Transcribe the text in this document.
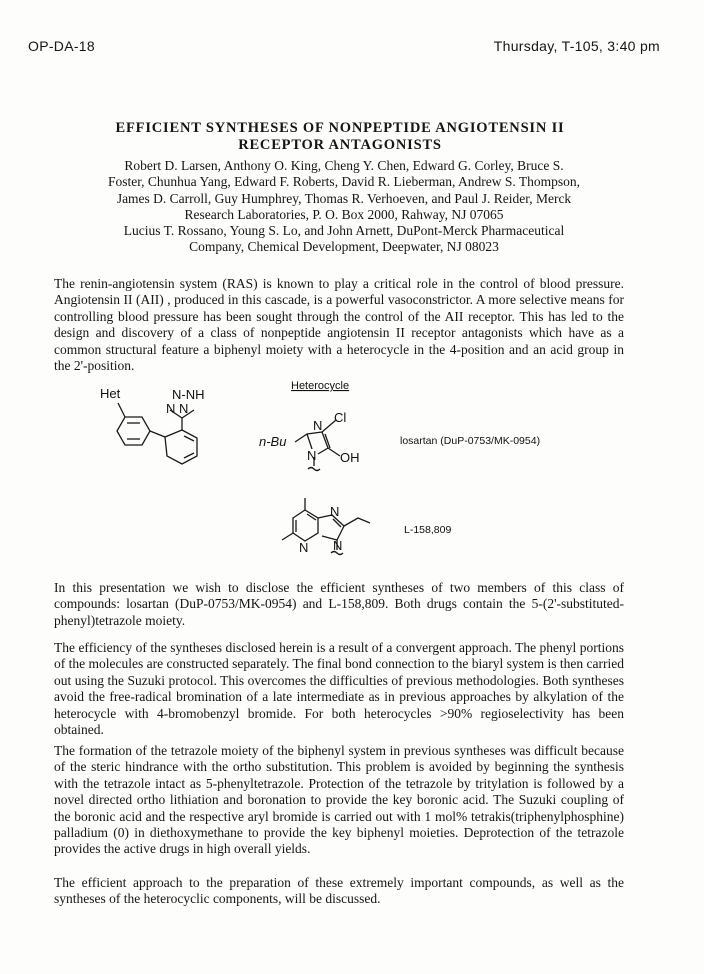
OP-DA-18	Thursday, T-105, 3:40 pm
EFFICIENT SYNTHESES OF NONPEPTIDE ANGIOTENSIN II
RECEPTOR ANTAGONISTS
Robert D. Larsen, Anthony O. King, Cheng Y. Chen, Edward G. Corley, Bruce S.
Foster, Chunhua Yang, Edward F. Roberts, David R. Lieberman, Andrew S. Thompson,
James D. Carroll, Guy Humphrey, Thomas R. Verhoeven, and Paul J. Reider, Merck
Research Laboratories, P. O. Box 2000, Rahway, NJ 07065
Lucius T. Rossano, Young S. Lo, and John Arnett, DuPont-Merck Pharmaceutical
Company, Chemical Development, Deepwater, NJ 08023

The renin-angiotensin system (RAS) is known to play a critical role in the control of blood pressure. Angiotensin II (AII) , produced in this cascade, is a powerful vasoconstrictor. A more selective means for controlling blood pressure has been sought through the control of the AII receptor. This has led to the design and discovery of a class of nonpeptide angiotensin II receptor antagonists which have as a common structural feature a biphenyl moiety with a heterocycle in the 4-position and an acid group in the 2'-position.

Het	N-NH
N N
Heterocycle
n-Bu
N
Cl
OH
N
losartan (DuP-0753/MK-0954)
N
N N
L-158,809

In this presentation we wish to disclose the efficient syntheses of two members of this class of compounds: losartan (DuP-0753/MK-0954) and L-158,809. Both drugs contain the 5-(2'-substituted-phenyl)tetrazole moiety.

The efficiency of the syntheses disclosed herein is a result of a convergent approach. The phenyl portions of the molecules are constructed separately. The final bond connection to the biaryl system is then carried out using the Suzuki protocol. This overcomes the difficulties of previous methodologies. Both syntheses avoid the free-radical bromination of a late intermediate as in previous approaches by alkylation of the heterocycle with 4-bromobenzyl bromide. For both heterocycles >90% regioselectivity has been obtained.

The formation of the tetrazole moiety of the biphenyl system in previous syntheses was difficult because of the steric hindrance with the ortho substitution. This problem is avoided by beginning the synthesis with the tetrazole intact as 5-phenyltetrazole. Protection of the tetrazole by tritylation is followed by a novel directed ortho lithiation and boronation to provide the key boronic acid. The Suzuki coupling of the boronic acid and the respective aryl bromide is carried out with 1 mol% tetrakis(triphenylphosphine) palladium (0) in diethoxymethane to provide the key biphenyl moieties. Deprotection of the tetrazole provides the active drugs in high overall yields.

The efficient approach to the preparation of these extremely important compounds, as well as the syntheses of the heterocyclic components, will be discussed.
